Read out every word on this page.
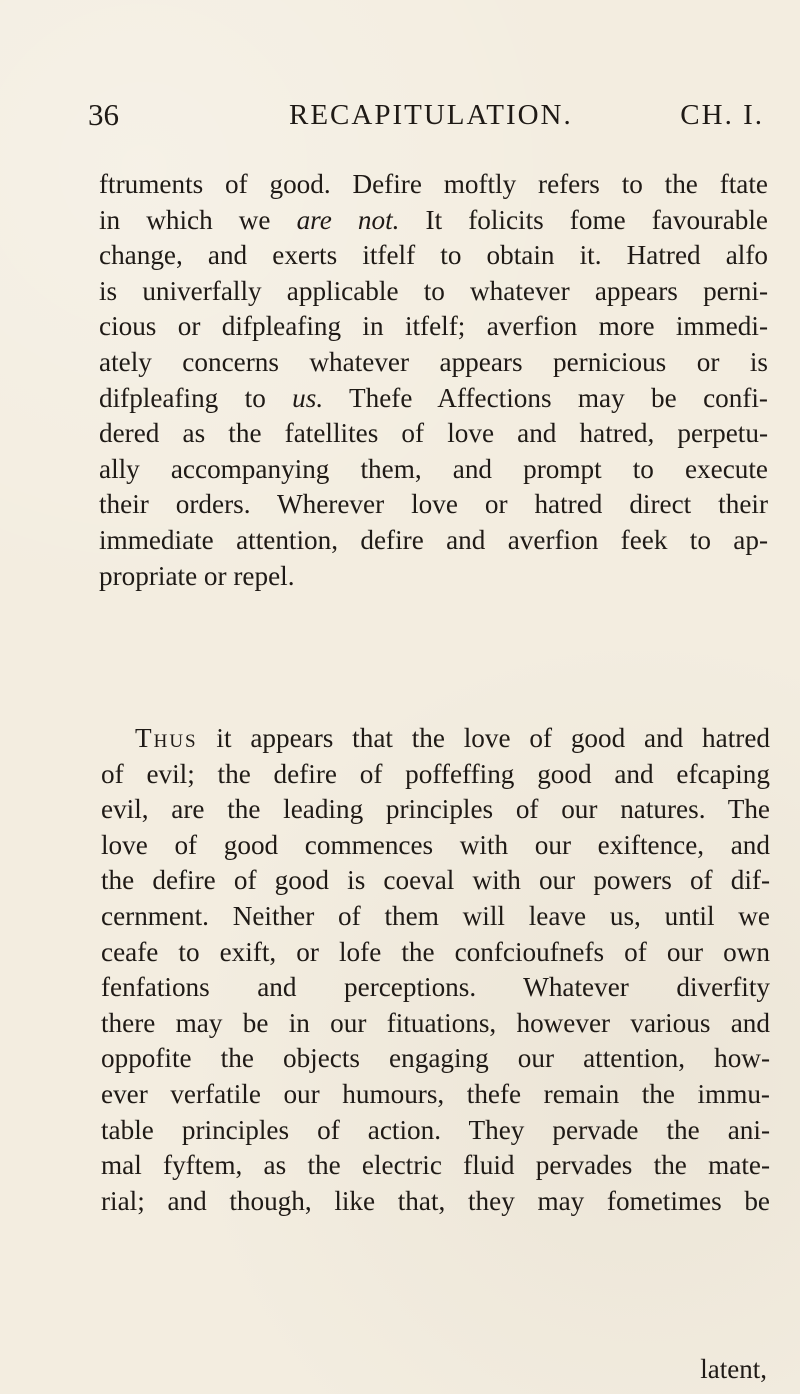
36	RECAPITULATION.	CH. I.
ftruments of good. Defire moftly refers to the ftate
in which we are not. It folicits fome favourable
change, and exerts itfelf to obtain it. Hatred alfo
is univerfally applicable to whatever appears perni-
cious or difpleafing in itfelf; averfion more immedi-
ately concerns whatever appears pernicious or is
difpleafing to us. Thefe Affections may be confi-
dered as the fatellites of love and hatred, perpetu-
ally accompanying them, and prompt to execute
their orders. Wherever love or hatred direct their
immediate attention, defire and averfion feek to ap-
propriate or repel.
Thus it appears that the love of good and hatred
of evil; the defire of poffeffing good and efcaping
evil, are the leading principles of our natures. The
love of good commences with our exiftence, and
the defire of good is coeval with our powers of dif-
cernment. Neither of them will leave us, until we
ceafe to exift, or lofe the confcioufnefs of our own
fenfations and perceptions. Whatever diverfity
there may be in our fituations, however various and
oppofite the objects engaging our attention, how-
ever verfatile our humours, thefe remain the immu-
table principles of action. They pervade the ani-
mal fyftem, as the electric fluid pervades the mate-
rial; and though, like that, they may fometimes be
latent,
